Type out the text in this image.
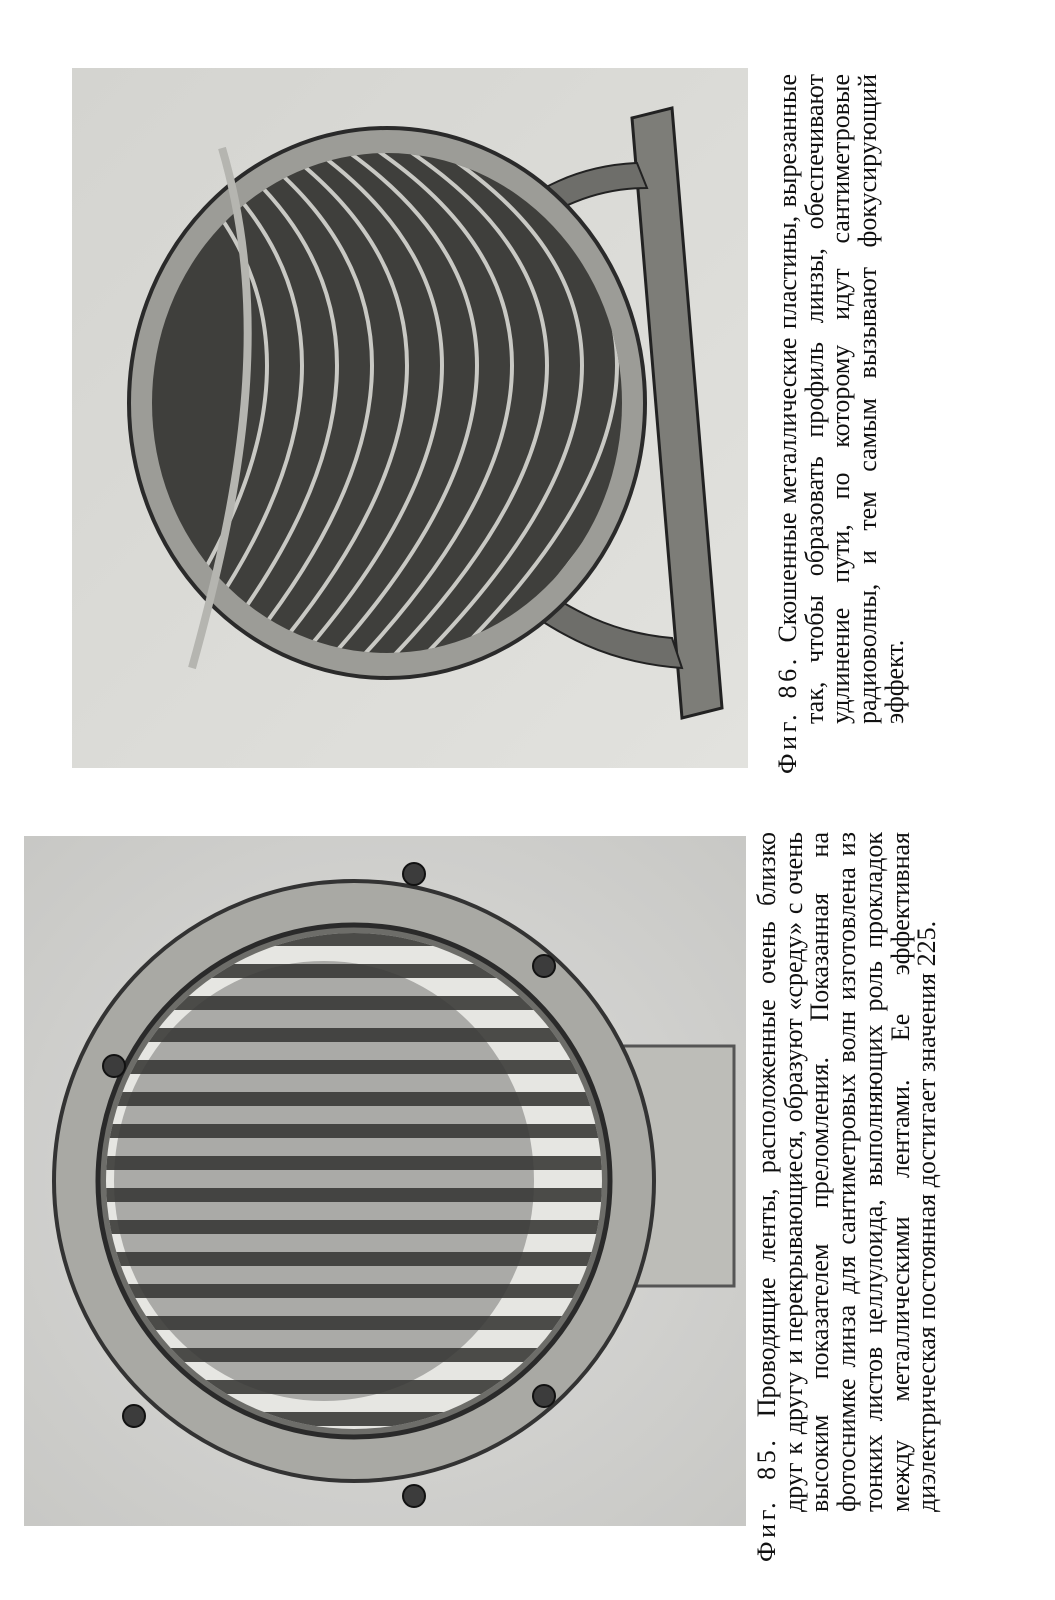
Фиг. 85. Проводящие ленты, расположенные очень близко друг к другу и перекрывающиеся, образуют «среду» с очень высоким показателем преломления. Показанная на фотоснимке линза для сантиметровых волн изготовлена из тонких листов целлулоида, выполняющих роль прокладок между металлическими лентами. Ее эффективная диэлектрическая постоянная достигает значения 225.

Фиг. 86. Скошенные металлические пластины, вырезанные так, чтобы образовать профиль линзы, обеспечивают удлинение пути, по которому идут сантиметровые радиоволны, и тем самым вызывают фокусирующий эффект.
